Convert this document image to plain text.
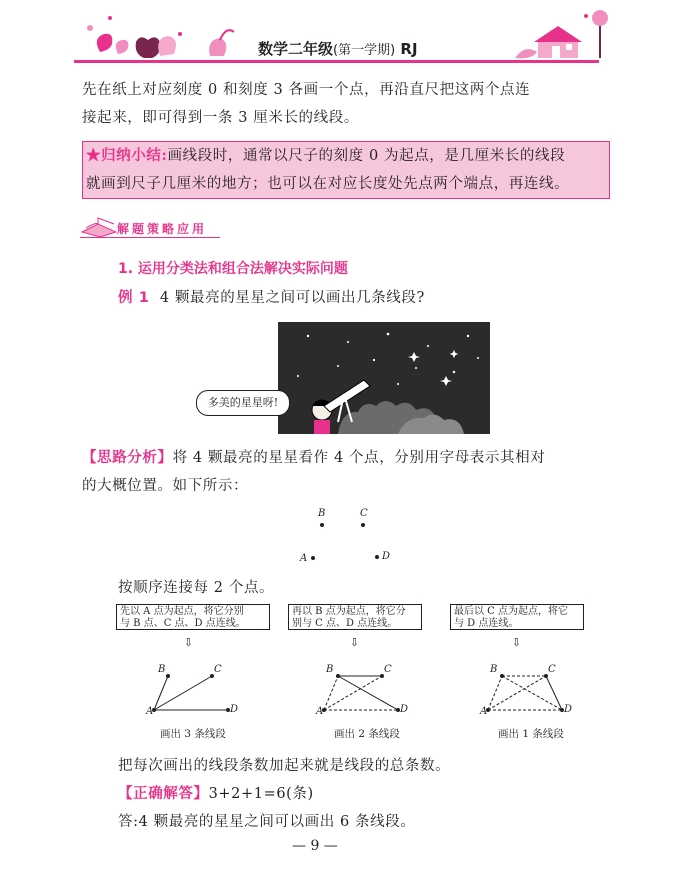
数学二年级(第一学期) RJ
先在纸上对应刻度 0 和刻度 3 各画一个点，再沿直尺把这两个点连
接起来，即可得到一条 3 厘米长的线段。
★归纳小结:画线段时，通常以尺子的刻度 0 为起点，是几厘米长的线段
就画到尺子几厘米的地方；也可以在对应长度处先点两个端点，再连线。
解题策略应用
1. 运用分类法和组合法解决实际问题
例 1 4 颗最亮的星星之间可以画出几条线段?
多美的星星呀!
【思路分析】将 4 颗最亮的星星看作 4 个点，分别用字母表示其相对
的大概位置。如下所示：
B	C
A	D
按顺序连接每 2 个点。
先以 A 点为起点，将它分别
与 B 点、C 点、D 点连线。
再以 B 点为起点，将它分
别与 C 点、D 点连线。
最后以 C 点为起点，将它
与 D 点连线。
⇩	⇩	⇩
B	C
A	D
B	C
A	D
B	C
A	D
画出 3 条线段	画出 2 条线段	画出 1 条线段
把每次画出的线段条数加起来就是线段的总条数。
【正确解答】3+2+1=6(条)
答:4 颗最亮的星星之间可以画出 6 条线段。
— 9 —
